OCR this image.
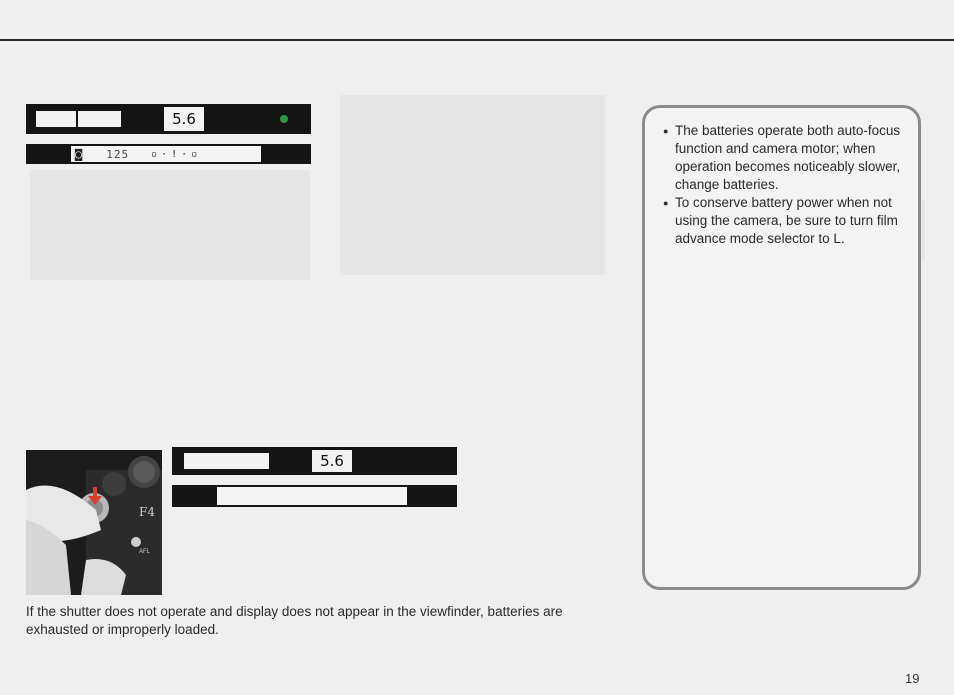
5.6
◙ 125 ▫·!·▫
5.6
F4
AFL
● The batteries operate both auto-focus function and camera motor; when operation becomes noticeably slower, change batteries.
● To conserve battery power when not using the camera, be sure to turn film advance mode selector to L.
If the shutter does not operate and display does not appear in the viewfinder, batteries are exhausted or improperly loaded.
19
